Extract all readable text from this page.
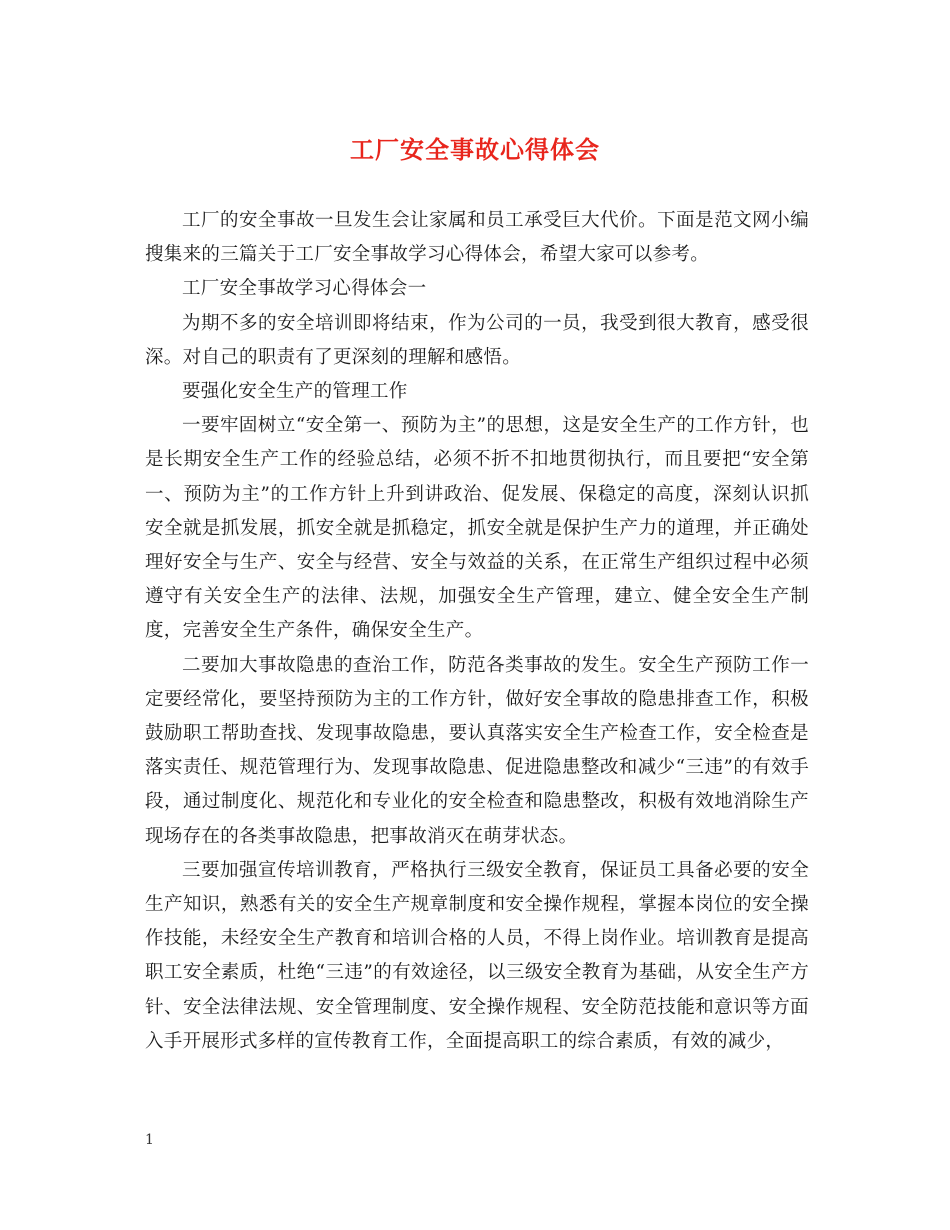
工厂安全事故心得体会

工厂的安全事故一旦发生会让家属和员工承受巨大代价。下面是范文网小编搜集来的三篇关于工厂安全事故学习心得体会，希望大家可以参考。

工厂安全事故学习心得体会一

为期不多的安全培训即将结束，作为公司的一员，我受到很大教育，感受很深。对自己的职责有了更深刻的理解和感悟。

要强化安全生产的管理工作

一要牢固树立“安全第一、预防为主”的思想，这是安全生产的工作方针，也是长期安全生产工作的经验总结，必须不折不扣地贯彻执行，而且要把“安全第一、预防为主”的工作方针上升到讲政治、促发展、保稳定的高度，深刻认识抓安全就是抓发展，抓安全就是抓稳定，抓安全就是保护生产力的道理，并正确处理好安全与生产、安全与经营、安全与效益的关系，在正常生产组织过程中必须遵守有关安全生产的法律、法规，加强安全生产管理，建立、健全安全生产制度，完善安全生产条件，确保安全生产。

二要加大事故隐患的查治工作，防范各类事故的发生。安全生产预防工作一定要经常化，要坚持预防为主的工作方针，做好安全事故的隐患排查工作，积极鼓励职工帮助查找、发现事故隐患，要认真落实安全生产检查工作，安全检查是落实责任、规范管理行为、发现事故隐患、促进隐患整改和减少“三违”的有效手段，通过制度化、规范化和专业化的安全检查和隐患整改，积极有效地消除生产现场存在的各类事故隐患，把事故消灭在萌芽状态。

三要加强宣传培训教育，严格执行三级安全教育，保证员工具备必要的安全生产知识，熟悉有关的安全生产规章制度和安全操作规程，掌握本岗位的安全操作技能，未经安全生产教育和培训合格的人员，不得上岗作业。培训教育是提高职工安全素质，杜绝“三违”的有效途径，以三级安全教育为基础，从安全生产方针、安全法律法规、安全管理制度、安全操作规程、安全防范技能和意识等方面入手开展形式多样的宣传教育工作，全面提高职工的综合素质，有效的减少，

1
